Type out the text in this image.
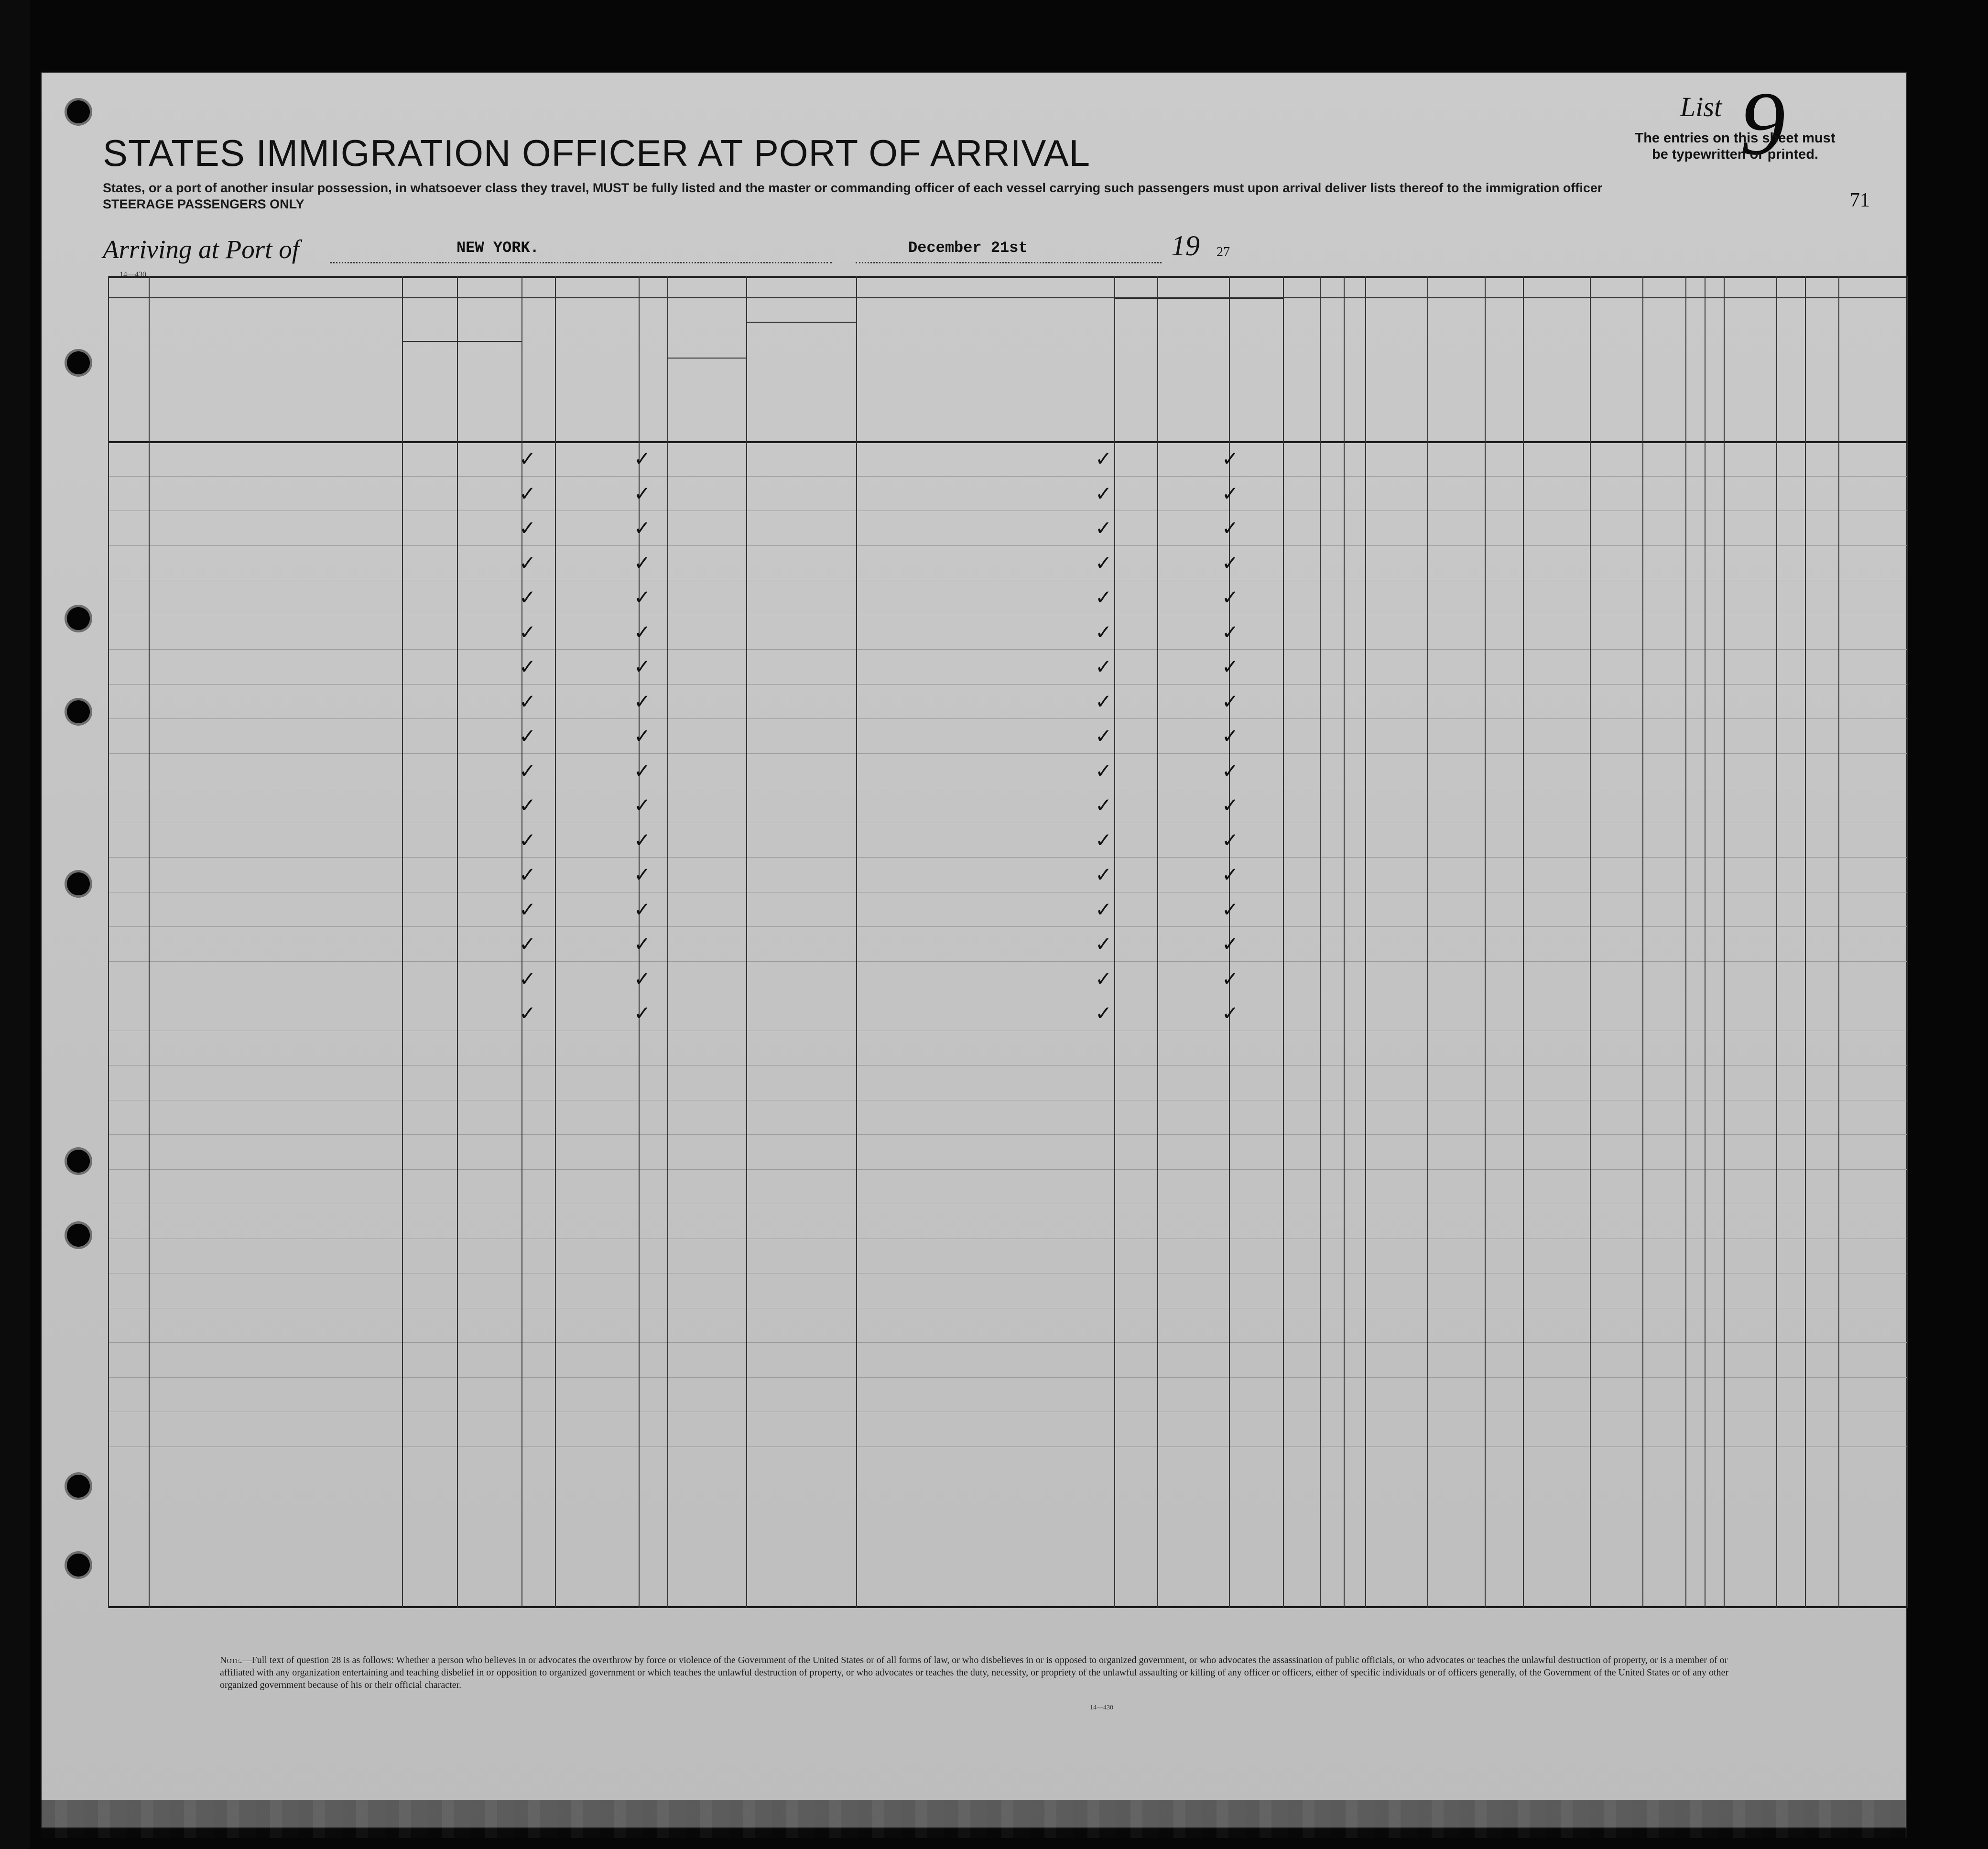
STATES IMMIGRATION OFFICER AT PORT OF ARRIVAL
States, or a port of another insular possession, in whatsoever class they travel, MUST be fully listed and the master or commanding officer of each vessel carrying such passengers must upon arrival deliver lists thereof to the immigration officer
STEERAGE PASSENGERS ONLY
List 9
The entries on this sheet must be typewritten or printed.
71
Arriving at Port of	NEW YORK.	December 21st	19 27
14—430
✓	✓	✓	✓
✓	✓	✓	✓
✓	✓	✓	✓
✓	✓	✓	✓
✓	✓	✓	✓
✓	✓	✓	✓
✓	✓	✓	✓
✓	✓	✓	✓
✓	✓	✓	✓
✓	✓	✓	✓
✓	✓	✓	✓
✓	✓	✓	✓
✓	✓	✓	✓
✓	✓	✓	✓
✓	✓	✓	✓
✓	✓	✓	✓
✓	✓	✓	✓
Note.—Full text of question 28 is as follows: Whether a person who believes in or advocates the overthrow by force or violence of the Government of the United States or of all forms of law, or who disbelieves in or is opposed to organized government, or who advocates the assassination of public officials, or who advocates or teaches the unlawful destruction of property, or is a member of or affiliated with any organization entertaining and teaching disbelief in or opposition to organized government or which teaches the unlawful destruction of property, or who advocates or teaches the duty, necessity, or propriety of the unlawful assaulting or killing of any officer or officers, either of specific individuals or of officers generally, of the Government of the United States or of any other organized government because of his or their official character.
14—430
